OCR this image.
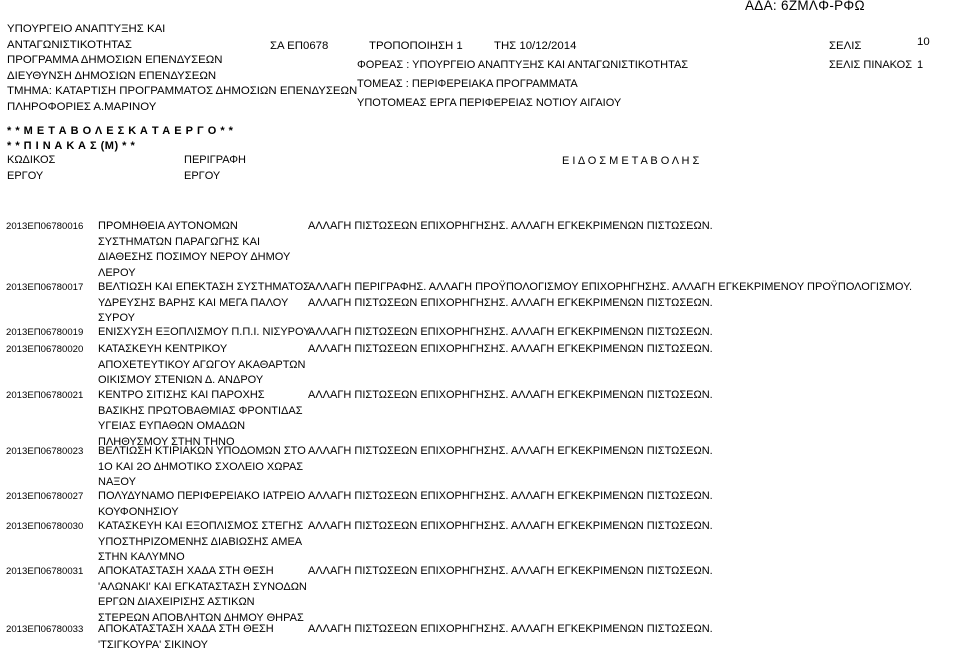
ΑΔΑ: 6ΖΜΛΦ-ΡΦΩ
ΥΠΟΥΡΓΕΙΟ ΑΝΑΠΤΥΞΗΣ ΚΑΙ
ΑΝΤΑΓΩΝΙΣΤΙΚΟΤΗΤΑΣ
ΠΡΟΓΡΑΜΜΑ ΔΗΜΟΣΙΩΝ ΕΠΕΝΔΥΣΕΩΝ
ΔΙΕΥΘΥΝΣΗ ΔΗΜΟΣΙΩΝ ΕΠΕΝΔΥΣΕΩΝ
ΤΜΗΜΑ: ΚΑΤΑΡΤΙΣΗ ΠΡΟΓΡΑΜΜΑΤΟΣ ΔΗΜΟΣΙΩΝ ΕΠΕΝΔΥΣΕΩΝ
ΠΛΗΡΟΦΟΡΙΕΣ Α.ΜΑΡΙΝΟΥ
ΣΑ ΕΠ0678	ΤΡΟΠΟΠΟΙΗΣΗ 1	ΤΗΣ 10/12/2014
ΦΟΡΕΑΣ : ΥΠΟΥΡΓΕΙΟ ΑΝΑΠΤΥΞΗΣ ΚΑΙ ΑΝΤΑΓΩΝΙΣΤΙΚΟΤΗΤΑΣ
ΤΟΜΕΑΣ : ΠΕΡΙΦΕΡΕΙΑΚΑ ΠΡΟΓΡΑΜΜΑΤΑ
ΥΠΟΤΟΜΕΑΣ ΕΡΓΑ ΠΕΡΙΦΕΡΕΙΑΣ ΝΟΤΙΟΥ ΑΙΓΑΙΟΥ
ΣΕΛΙΣ	10
ΣΕΛΙΣ ΠΙΝΑΚΟΣ 1
* * Μ Ε Τ Α Β Ο Λ Ε Σ Κ Α Τ Α Ε Ρ Γ Ο * *
* * Π Ι Ν Α Κ Α Σ (Μ) * *
ΚΩΔΙΚΟΣ
ΕΡΓΟΥ
ΠΕΡΙΓΡΑΦΗ
ΕΡΓΟΥ
Ε Ι Δ Ο Σ Μ Ε Τ Α Β Ο Λ Η Σ
2013ΕΠ06780016 ΠΡΟΜΗΘΕΙΑ ΑΥΤΟΝΟΜΩΝ
ΣΥΣΤΗΜΑΤΩΝ ΠΑΡΑΓΩΓΗΣ ΚΑΙ
ΔΙΑΘΕΣΗΣ ΠΟΣΙΜΟΥ ΝΕΡΟΥ ΔΗΜΟΥ
ΛΕΡΟΥ
ΑΛΛΑΓΗ ΠΙΣΤΩΣΕΩΝ ΕΠΙΧΟΡΗΓΗΣΗΣ. ΑΛΛΑΓΗ ΕΓΚΕΚΡΙΜΕΝΩΝ ΠΙΣΤΩΣΕΩΝ.
2013ΕΠ06780017 ΒΕΛΤΙΩΣΗ ΚΑΙ ΕΠΕΚΤΑΣΗ ΣΥΣΤΗΜΑΤΟΣ
ΥΔΡΕΥΣΗΣ ΒΑΡΗΣ ΚΑΙ ΜΕΓΑ ΠΑΛΟΥ
ΣΥΡΟΥ
ΑΛΛΑΓΗ ΠΕΡΙΓΡΑΦΗΣ. ΑΛΛΑΓΗ ΠΡΟΫΠΟΛΟΓΙΣΜΟΥ ΕΠΙΧΟΡΗΓΗΣΗΣ. ΑΛΛΑΓΗ ΕΓΚΕΚΡΙΜΕΝΟΥ ΠΡΟΫΠΟΛΟΓΙΣΜΟΥ.
ΑΛΛΑΓΗ ΠΙΣΤΩΣΕΩΝ ΕΠΙΧΟΡΗΓΗΣΗΣ. ΑΛΛΑΓΗ ΕΓΚΕΚΡΙΜΕΝΩΝ ΠΙΣΤΩΣΕΩΝ.
2013ΕΠ06780019 ΕΝΙΣΧΥΣΗ ΕΞΟΠΛΙΣΜΟΥ Π.Π.Ι. ΝΙΣΥΡΟΥ
ΑΛΛΑΓΗ ΠΙΣΤΩΣΕΩΝ ΕΠΙΧΟΡΗΓΗΣΗΣ. ΑΛΛΑΓΗ ΕΓΚΕΚΡΙΜΕΝΩΝ ΠΙΣΤΩΣΕΩΝ.
2013ΕΠ06780020 ΚΑΤΑΣΚΕΥΗ ΚΕΝΤΡΙΚΟΥ
ΑΠΟΧΕΤΕΥΤΙΚΟΥ ΑΓΩΓΟΥ ΑΚΑΘΑΡΤΩΝ
ΟΙΚΙΣΜΟΥ ΣΤΕΝΙΩΝ Δ. ΑΝΔΡΟΥ
ΑΛΛΑΓΗ ΠΙΣΤΩΣΕΩΝ ΕΠΙΧΟΡΗΓΗΣΗΣ. ΑΛΛΑΓΗ ΕΓΚΕΚΡΙΜΕΝΩΝ ΠΙΣΤΩΣΕΩΝ.
2013ΕΠ06780021 ΚΕΝΤΡΟ ΣΙΤΙΣΗΣ ΚΑΙ ΠΑΡΟΧΗΣ
ΒΑΣΙΚΗΣ ΠΡΩΤΟΒΑΘΜΙΑΣ ΦΡΟΝΤΙΔΑΣ
ΥΓΕΙΑΣ ΕΥΠΑΘΩΝ ΟΜΑΔΩΝ
ΠΛΗΘΥΣΜΟΥ ΣΤΗΝ ΤΗΝΟ
ΑΛΛΑΓΗ ΠΙΣΤΩΣΕΩΝ ΕΠΙΧΟΡΗΓΗΣΗΣ. ΑΛΛΑΓΗ ΕΓΚΕΚΡΙΜΕΝΩΝ ΠΙΣΤΩΣΕΩΝ.
2013ΕΠ06780023 ΒΕΛΤΙΩΣΗ ΚΤΙΡΙΑΚΩΝ ΥΠΟΔΟΜΩΝ ΣΤΟ
1Ο ΚΑΙ 2Ο ΔΗΜΟΤΙΚΟ ΣΧΟΛΕΙΟ ΧΩΡΑΣ
ΝΑΞΟΥ
ΑΛΛΑΓΗ ΠΙΣΤΩΣΕΩΝ ΕΠΙΧΟΡΗΓΗΣΗΣ. ΑΛΛΑΓΗ ΕΓΚΕΚΡΙΜΕΝΩΝ ΠΙΣΤΩΣΕΩΝ.
2013ΕΠ06780027 ΠΟΛΥΔΥΝΑΜΟ ΠΕΡΙΦΕΡΕΙΑΚΟ ΙΑΤΡΕΙΟ
ΚΟΥΦΟΝΗΣΙΟΥ
ΑΛΛΑΓΗ ΠΙΣΤΩΣΕΩΝ ΕΠΙΧΟΡΗΓΗΣΗΣ. ΑΛΛΑΓΗ ΕΓΚΕΚΡΙΜΕΝΩΝ ΠΙΣΤΩΣΕΩΝ.
2013ΕΠ06780030 ΚΑΤΑΣΚΕΥΗ ΚΑΙ ΕΞΟΠΛΙΣΜΟΣ ΣΤΕΓΗΣ
ΥΠΟΣΤΗΡΙΖΟΜΕΝΗΣ ΔΙΑΒΙΩΣΗΣ ΑΜΕΑ
ΣΤΗΝ ΚΑΛΥΜΝΟ
ΑΛΛΑΓΗ ΠΙΣΤΩΣΕΩΝ ΕΠΙΧΟΡΗΓΗΣΗΣ. ΑΛΛΑΓΗ ΕΓΚΕΚΡΙΜΕΝΩΝ ΠΙΣΤΩΣΕΩΝ.
2013ΕΠ06780031 ΑΠΟΚΑΤΑΣΤΑΣΗ ΧΑΔΑ ΣΤΗ ΘΕΣΗ
'ΑΛΩΝΑΚΙ' ΚΑΙ ΕΓΚΑΤΑΣΤΑΣΗ ΣΥΝΟΔΩΝ
ΕΡΓΩΝ ΔΙΑΧΕΙΡΙΣΗΣ ΑΣΤΙΚΩΝ
ΣΤΕΡΕΩΝ ΑΠΟΒΛΗΤΩΝ ΔΗΜΟΥ ΘΗΡΑΣ
ΑΛΛΑΓΗ ΠΙΣΤΩΣΕΩΝ ΕΠΙΧΟΡΗΓΗΣΗΣ. ΑΛΛΑΓΗ ΕΓΚΕΚΡΙΜΕΝΩΝ ΠΙΣΤΩΣΕΩΝ.
2013ΕΠ06780033 ΑΠΟΚΑΤΑΣΤΑΣΗ ΧΑΔΑ ΣΤΗ ΘΕΣΗ
'ΤΣΙΓΚΟΥΡΑ' ΣΙΚΙΝΟΥ
ΑΛΛΑΓΗ ΠΙΣΤΩΣΕΩΝ ΕΠΙΧΟΡΗΓΗΣΗΣ. ΑΛΛΑΓΗ ΕΓΚΕΚΡΙΜΕΝΩΝ ΠΙΣΤΩΣΕΩΝ.
